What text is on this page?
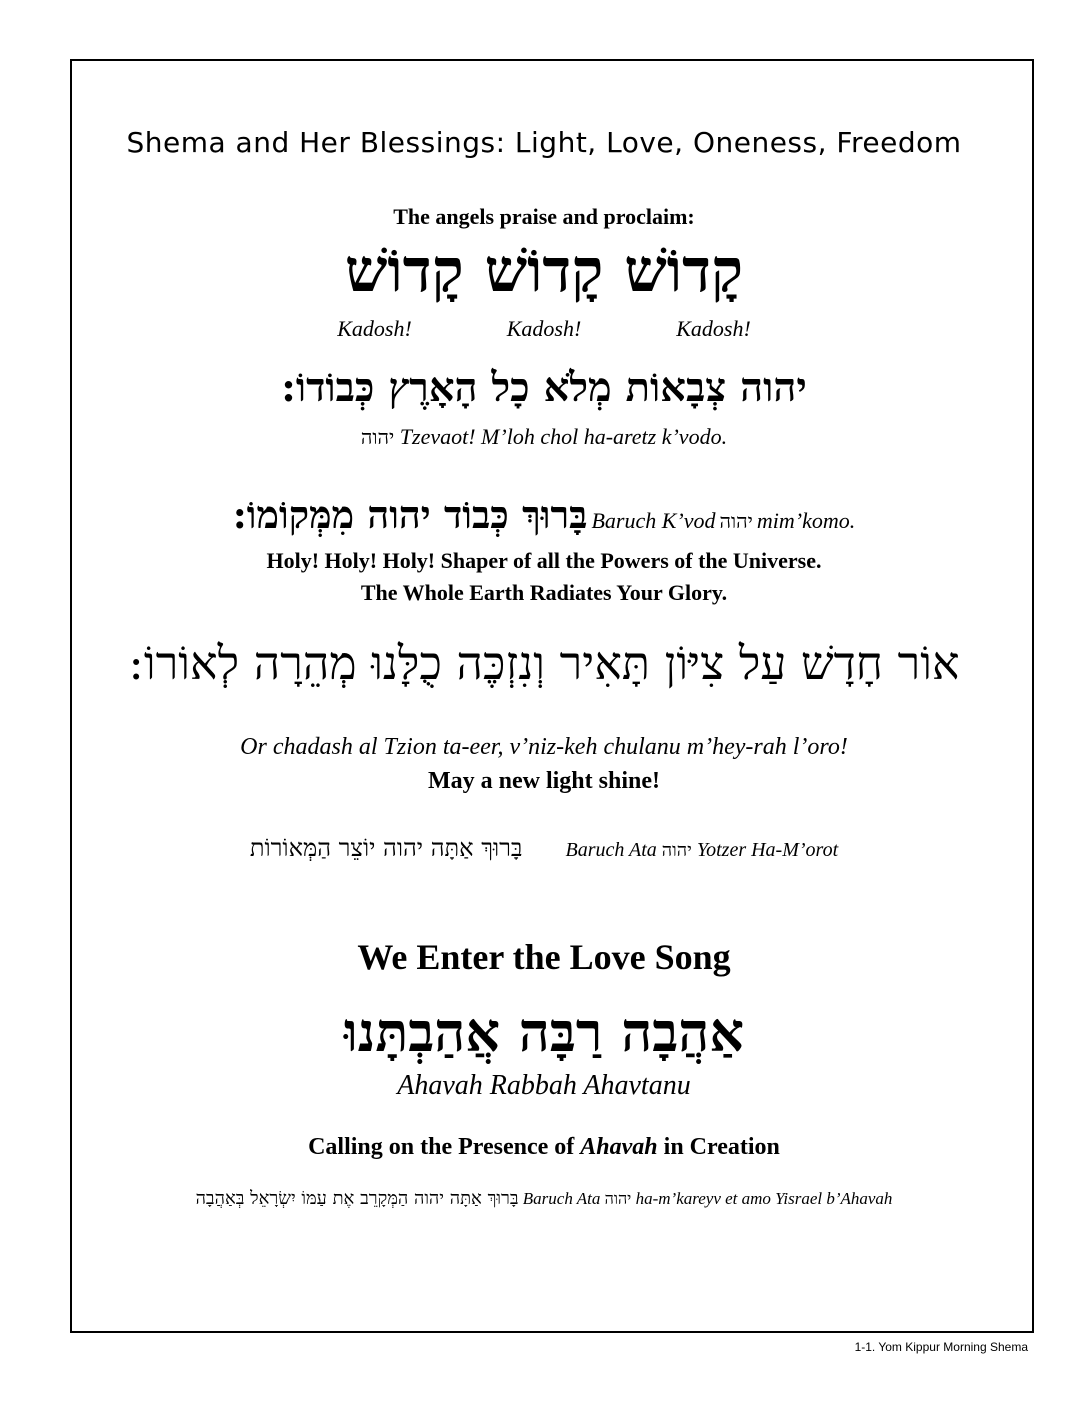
Shema and Her Blessings: Light, Love, Oneness, Freedom
The angels praise and proclaim:
קָדוֹשׁ קָדוֹשׁ קָדוֹשׁ
Kadosh!	Kadosh!	Kadosh!
יהוה צְבָאוֹת מְלֹא כָל הָאָרֶץ כְּבוֹדוֹ:
יהוה Tzevaot! M’loh chol ha-aretz k’vodo.
בָּרוּךְ כְּבוֹד יהוה מִמְּקוֹמוֹ: Baruch K’vod יהוה mim’komo.
Holy! Holy! Holy! Shaper of all the Powers of the Universe.
The Whole Earth Radiates Your Glory.
אוֹר חָדָשׁ עַל צִיּוֹן תָּאִיר וְנִזְכֶּה כֻלָּנוּ מְהֵרָה לְאוֹרוֹ:
Or chadash al Tzion ta-eer, v’niz-keh chulanu m’hey-rah l’oro!
May a new light shine!
בָּרוּךְ אַתָּה יהוה יוֹצֵר הַמְּאוֹרוֹת Baruch Ata יהוה Yotzer Ha-M’orot
We Enter the Love Song
אַהֲבָה רַבָּה אֲהַבְתָּנוּ
Ahavah Rabbah Ahavtanu
Calling on the Presence of Ahavah in Creation
בָּרוּךְ אַתָּה יהוה הַמְּקָרֵב אֶת עַמּוֹ יִשְׂרָאֵל בְּאַהֲבָה Baruch Ata יהוה ha-m’kareyv et amo Yisrael b’Ahavah
1-1. Yom Kippur Morning Shema
